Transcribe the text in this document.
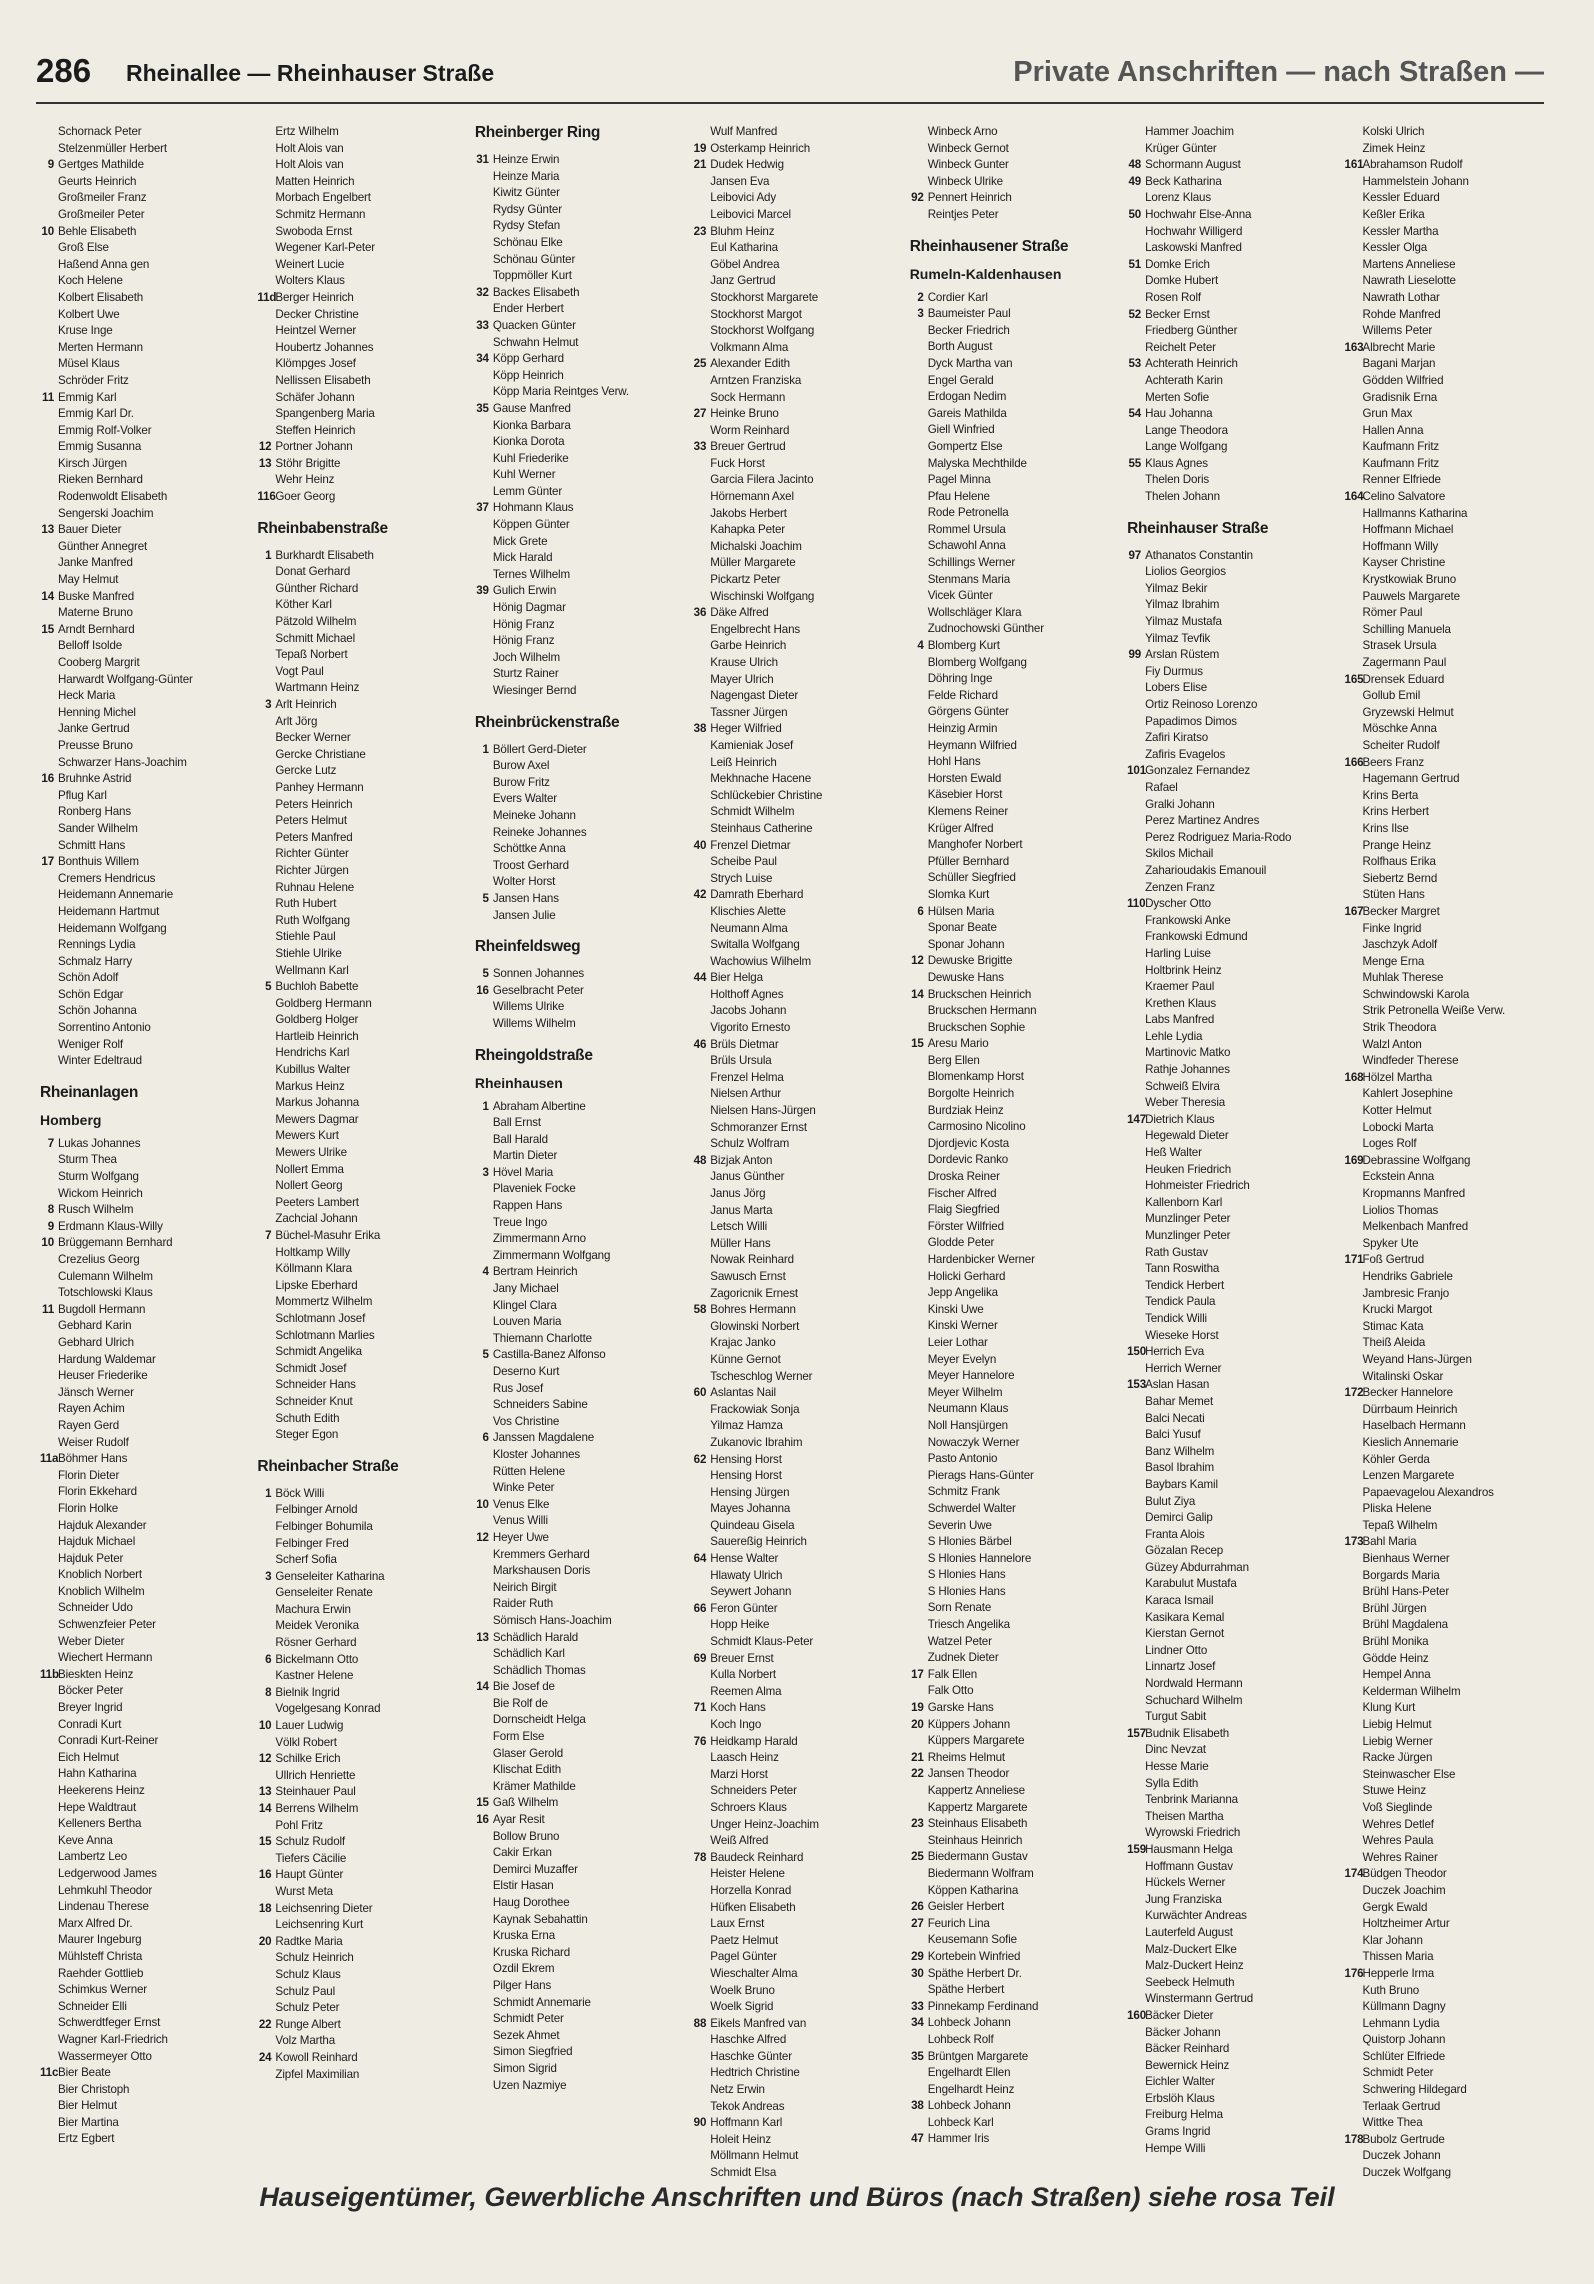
286 Rheinallee — Rheinhauser Straße	Private Anschriften — nach Straßen —
Schornack Peter
Stelzenmüller Herbert
9 Gertges Mathilde
Geurts Heinrich
Großmeiler Franz
Großmeiler Peter
10 Behle Elisabeth
Groß Else
Haßend Anna gen
Koch Helene
Kolbert Elisabeth
Kolbert Uwe
Kruse Inge
Merten Hermann
Müsel Klaus
Schröder Fritz
11 Emmig Karl
Emmig Karl Dr.
Emmig Rolf-Volker
Emmig Susanna
Kirsch Jürgen
Rieken Bernhard
Rodenwoldt Elisabeth
Sengerski Joachim
13 Bauer Dieter
Günther Annegret
Janke Manfred
May Helmut
14 Buske Manfred
Materne Bruno
15 Arndt Bernhard
Belloff Isolde
Cooberg Margrit
Harwardt Wolfgang-Günter
Heck Maria
Henning Michel
Janke Gertrud
Preusse Bruno
Schwarzer Hans-Joachim
16 Bruhnke Astrid
Pflug Karl
Ronberg Hans
Sander Wilhelm
Schmitt Hans
17 Bonthuis Willem
Cremers Hendricus
Heidemann Annemarie
Heidemann Hartmut
Heidemann Wolfgang
Rennings Lydia
Schmalz Harry
Schön Adolf
Schön Edgar
Schön Johanna
Sorrentino Antonio
Weniger Rolf
Winter Edeltraud
Rheinanlagen
Homberg
7 Lukas Johannes
Sturm Thea
Sturm Wolfgang
Wickom Heinrich
8 Rusch Wilhelm
9 Erdmann Klaus-Willy
10 Brüggemann Bernhard
Crezelius Georg
Culemann Wilhelm
Totschlowski Klaus
11 Bugdoll Hermann
Gebhard Karin
Gebhard Ulrich
Hardung Waldemar
Heuser Friederike
Jänsch Werner
Rayen Achim
Rayen Gerd
Weiser Rudolf
11aBöhmer Hans
Florin Dieter
Florin Ekkehard
Florin Holke
Hajduk Alexander
Hajduk Michael
Hajduk Peter
Knoblich Norbert
Knoblich Wilhelm
Schneider Udo
Schwenzfeier Peter
Weber Dieter
Wiechert Hermann
11bBieskten Heinz
Böcker Peter
Breyer Ingrid
Conradi Kurt
Conradi Kurt-Reiner
Eich Helmut
Hahn Katharina
Heekerens Heinz
Hepe Waldtraut
Kelleners Bertha
Keve Anna
Lambertz Leo
Ledgerwood James
Lehmkuhl Theodor
Lindenau Therese
Marx Alfred Dr.
Maurer Ingeburg
Mühlsteff Christa
Raehder Gottlieb
Schimkus Werner
Schneider Elli
Schwerdtfeger Ernst
Wagner Karl-Friedrich
Wassermeyer Otto
11cBier Beate
Bier Christoph
Bier Helmut
Bier Martina
Ertz Egbert
Ertz Wilhelm
Holt Alois van
Holt Alois van
Matten Heinrich
Morbach Engelbert
Schmitz Hermann
Swoboda Ernst
Wegener Karl-Peter
Weinert Lucie
Wolters Klaus
11dBerger Heinrich
Decker Christine
Heintzel Werner
Houbertz Johannes
Klömpges Josef
Nellissen Elisabeth
Schäfer Johann
Spangenberg Maria
Steffen Heinrich
12 Portner Johann
13 Stöhr Brigitte
Wehr Heinz
116Goer Georg
Rheinbabenstraße
1 Burkhardt Elisabeth
Donat Gerhard
Günther Richard
Köther Karl
Pätzold Wilhelm
Schmitt Michael
Tepaß Norbert
Vogt Paul
Wartmann Heinz
3 Arlt Heinrich
Arlt Jörg
Becker Werner
Gercke Christiane
Gercke Lutz
Panhey Hermann
Peters Heinrich
Peters Helmut
Peters Manfred
Richter Günter
Richter Jürgen
Ruhnau Helene
Ruth Hubert
Ruth Wolfgang
Stiehle Paul
Stiehle Ulrike
Wellmann Karl
5 Buchloh Babette
Goldberg Hermann
Goldberg Holger
Hartleib Heinrich
Hendrichs Karl
Kubillus Walter
Markus Heinz
Markus Johanna
Mewers Dagmar
Mewers Kurt
Mewers Ulrike
Nollert Emma
Nollert Georg
Peeters Lambert
Zachcial Johann
7 Büchel-Masuhr Erika
Holtkamp Willy
Köllmann Klara
Lipske Eberhard
Mommertz Wilhelm
Schlotmann Josef
Schlotmann Marlies
Schmidt Angelika
Schmidt Josef
Schneider Hans
Schneider Knut
Schuth Edith
Steger Egon
Rheinbacher Straße
1 Böck Willi
Felbinger Arnold
Felbinger Bohumila
Felbinger Fred
Scherf Sofia
3 Genseleiter Katharina
Genseleiter Renate
Machura Erwin
Meidek Veronika
Rösner Gerhard
6 Bickelmann Otto
Kastner Helene
8 Bielnik Ingrid
Vogelgesang Konrad
10 Lauer Ludwig
Völkl Robert
12 Schilke Erich
Ullrich Henriette
13 Steinhauer Paul
14 Berrens Wilhelm
Pohl Fritz
15 Schulz Rudolf
Tiefers Cäcilie
16 Haupt Günter
Wurst Meta
18 Leichsenring Dieter
Leichsenring Kurt
20 Radtke Maria
Schulz Heinrich
Schulz Klaus
Schulz Paul
Schulz Peter
22 Runge Albert
Volz Martha
24 Kowoll Reinhard
Zipfel Maximilian
Rheinberger Ring
31 Heinze Erwin
Heinze Maria
Kiwitz Günter
Rydsy Günter
Rydsy Stefan
Schönau Elke
Schönau Günter
Toppmöller Kurt
32 Backes Elisabeth
Ender Herbert
33 Quacken Günter
Schwahn Helmut
34 Köpp Gerhard
Köpp Heinrich
Köpp Maria Reintges Verw.
35 Gause Manfred
Kionka Barbara
Kionka Dorota
Kuhl Friederike
Kuhl Werner
Lemm Günter
37 Hohmann Klaus
Köppen Günter
Mick Grete
Mick Harald
Ternes Wilhelm
39 Gulich Erwin
Hönig Dagmar
Hönig Franz
Hönig Franz
Joch Wilhelm
Sturtz Rainer
Wiesinger Bernd
Rheinbrückenstraße
1 Böllert Gerd-Dieter
Burow Axel
Burow Fritz
Evers Walter
Meineke Johann
Reineke Johannes
Schöttke Anna
Troost Gerhard
Wolter Horst
5 Jansen Hans
Jansen Julie
Rheinfeldsweg
5 Sonnen Johannes
16 Geselbracht Peter
Willems Ulrike
Willems Wilhelm
Rheingoldstraße
Rheinhausen
1 Abraham Albertine
Ball Ernst
Ball Harald
Martin Dieter
3 Hövel Maria
Plaveniek Focke
Rappen Hans
Treue Ingo
Zimmermann Arno
Zimmermann Wolfgang
4 Bertram Heinrich
Jany Michael
Klingel Clara
Louven Maria
Thiemann Charlotte
5 Castilla-Banez Alfonso
Deserno Kurt
Rus Josef
Schneiders Sabine
Vos Christine
6 Janssen Magdalene
Kloster Johannes
Rütten Helene
Winke Peter
10 Venus Elke
Venus Willi
12 Heyer Uwe
Kremmers Gerhard
Markshausen Doris
Neirich Birgit
Raider Ruth
Sömisch Hans-Joachim
13 Schädlich Harald
Schädlich Karl
Schädlich Thomas
14 Bie Josef de
Bie Rolf de
Dornscheidt Helga
Form Else
Glaser Gerold
Klischat Edith
Krämer Mathilde
15 Gaß Wilhelm
16 Ayar Resit
Bollow Bruno
Cakir Erkan
Demirci Muzaffer
Elstir Hasan
Haug Dorothee
Kaynak Sebahattin
Kruska Erna
Kruska Richard
Ozdil Ekrem
Pilger Hans
Schmidt Annemarie
Schmidt Peter
Sezek Ahmet
Simon Siegfried
Simon Sigrid
Uzen Nazmiye
Wulf Manfred
19 Osterkamp Heinrich
21 Dudek Hedwig
Jansen Eva
Leibovici Ady
Leibovici Marcel
23 Bluhm Heinz
Eul Katharina
Göbel Andrea
Janz Gertrud
Stockhorst Margarete
Stockhorst Margot
Stockhorst Wolfgang
Volkmann Alma
25 Alexander Edith
Arntzen Franziska
Sock Hermann
27 Heinke Bruno
Worm Reinhard
33 Breuer Gertrud
Fuck Horst
Garcia Filera Jacinto
Hörnemann Axel
Jakobs Herbert
Kahapka Peter
Michalski Joachim
Müller Margarete
Pickartz Peter
Wischinski Wolfgang
36 Däke Alfred
Engelbrecht Hans
Garbe Heinrich
Krause Ulrich
Mayer Ulrich
Nagengast Dieter
Tassner Jürgen
38 Heger Wilfried
Kamieniak Josef
Leiß Heinrich
Mekhnache Hacene
Schlückebier Christine
Schmidt Wilhelm
Steinhaus Catherine
40 Frenzel Dietmar
Scheibe Paul
Strych Luise
42 Damrath Eberhard
Klischies Alette
Neumann Alma
Switalla Wolfgang
Wachowius Wilhelm
44 Bier Helga
Holthoff Agnes
Jacobs Johann
Vigorito Ernesto
46 Brüls Dietmar
Brüls Ursula
Frenzel Helma
Nielsen Arthur
Nielsen Hans-Jürgen
Schmoranzer Ernst
Schulz Wolfram
48 Bizjak Anton
Janus Günther
Janus Jörg
Janus Marta
Letsch Willi
Müller Hans
Nowak Reinhard
Sawusch Ernst
Zagoricnik Ernest
58 Bohres Hermann
Glowinski Norbert
Krajac Janko
Künne Gernot
Tscheschlog Werner
60 Aslantas Nail
Frackowiak Sonja
Yilmaz Hamza
Zukanovic Ibrahim
62 Hensing Horst
Hensing Horst
Hensing Jürgen
Mayes Johanna
Quindeau Gisela
Sauereßig Heinrich
64 Hense Walter
Hlawaty Ulrich
Seywert Johann
66 Feron Günter
Hopp Heike
Schmidt Klaus-Peter
69 Breuer Ernst
Kulla Norbert
Reemen Alma
71 Koch Hans
Koch Ingo
76 Heidkamp Harald
Laasch Heinz
Marzi Horst
Schneiders Peter
Schroers Klaus
Unger Heinz-Joachim
Weiß Alfred
78 Baudeck Reinhard
Heister Helene
Horzella Konrad
Hüfken Elisabeth
Laux Ernst
Paetz Helmut
Pagel Günter
Wieschalter Alma
Woelk Bruno
Woelk Sigrid
88 Eikels Manfred van
Haschke Alfred
Haschke Günter
Hedtrich Christine
Netz Erwin
Tekok Andreas
90 Hoffmann Karl
Holeit Heinz
Möllmann Helmut
Schmidt Elsa
Winbeck Arno
Winbeck Gernot
Winbeck Gunter
Winbeck Ulrike
92 Pennert Heinrich
Reintjes Peter
Rheinhausener Straße
Rumeln-Kaldenhausen
2 Cordier Karl
3 Baumeister Paul
Becker Friedrich
Borth August
Dyck Martha van
Engel Gerald
Erdogan Nedim
Gareis Mathilda
Giell Winfried
Gompertz Else
Malyska Mechthilde
Pagel Minna
Pfau Helene
Rode Petronella
Rommel Ursula
Schawohl Anna
Schillings Werner
Stenmans Maria
Vicek Günter
Wollschläger Klara
Zudnochowski Günther
4 Blomberg Kurt
Blomberg Wolfgang
Döhring Inge
Felde Richard
Görgens Günter
Heinzig Armin
Heymann Wilfried
Hohl Hans
Horsten Ewald
Käsebier Horst
Klemens Reiner
Krüger Alfred
Manghofer Norbert
Pfüller Bernhard
Schüller Siegfried
Slomka Kurt
6 Hülsen Maria
Sponar Beate
Sponar Johann
12 Dewuske Brigitte
Dewuske Hans
14 Bruckschen Heinrich
Bruckschen Hermann
Bruckschen Sophie
15 Aresu Mario
Berg Ellen
Blomenkamp Horst
Borgolte Heinrich
Burdziak Heinz
Carmosino Nicolino
Djordjevic Kosta
Dordevic Ranko
Droska Reiner
Fischer Alfred
Flaig Siegfried
Förster Wilfried
Glodde Peter
Hardenbicker Werner
Holicki Gerhard
Jepp Angelika
Kinski Uwe
Kinski Werner
Leier Lothar
Meyer Evelyn
Meyer Hannelore
Meyer Wilhelm
Neumann Klaus
Noll Hansjürgen
Nowaczyk Werner
Pasto Antonio
Pierags Hans-Günter
Schmitz Frank
Schwerdel Walter
Severin Uwe
S Hlonies Bärbel
S Hlonies Hannelore
S Hlonies Hans
S Hlonies Hans
Sorn Renate
Triesch Angelika
Watzel Peter
Zudnek Dieter
17 Falk Ellen
Falk Otto
19 Garske Hans
20 Küppers Johann
Küppers Margarete
21 Rheims Helmut
22 Jansen Theodor
Kappertz Anneliese
Kappertz Margarete
23 Steinhaus Elisabeth
Steinhaus Heinrich
25 Biedermann Gustav
Biedermann Wolfram
Köppen Katharina
26 Geisler Herbert
27 Feurich Lina
Keusemann Sofie
29 Kortebein Winfried
30 Späthe Herbert Dr.
Späthe Herbert
33 Pinnekamp Ferdinand
34 Lohbeck Johann
Lohbeck Rolf
35 Brüntgen Margarete
Engelhardt Ellen
Engelhardt Heinz
38 Lohbeck Johann
Lohbeck Karl
47 Hammer Iris
Hammer Joachim
Krüger Günter
48 Schormann August
49 Beck Katharina
Lorenz Klaus
50 Hochwahr Else-Anna
Hochwahr Willigerd
Laskowski Manfred
51 Domke Erich
Domke Hubert
Rosen Rolf
52 Becker Ernst
Friedberg Günther
Reichelt Peter
53 Achterath Heinrich
Achterath Karin
Merten Sofie
54 Hau Johanna
Lange Theodora
Lange Wolfgang
55 Klaus Agnes
Thelen Doris
Thelen Johann
Rheinhauser Straße
97 Athanatos Constantin
Liolios Georgios
Yilmaz Bekir
Yilmaz Ibrahim
Yilmaz Mustafa
Yilmaz Tevfik
99 Arslan Rüstem
Fiy Durmus
Lobers Elise
Ortiz Reinoso Lorenzo
Papadimos Dimos
Zafiri Kiratso
Zafiris Evagelos
101Gonzalez Fernandez
Rafael
Gralki Johann
Perez Martinez Andres
Perez Rodriguez Maria-Rodo
Skilos Michail
Zaharioudakis Emanouil
Zenzen Franz
110Dyscher Otto
Frankowski Anke
Frankowski Edmund
Harling Luise
Holtbrink Heinz
Kraemer Paul
Krethen Klaus
Labs Manfred
Lehle Lydia
Martinovic Matko
Rathje Johannes
Schweiß Elvira
Weber Theresia
147Dietrich Klaus
Hegewald Dieter
Heß Walter
Heuken Friedrich
Hohmeister Friedrich
Kallenborn Karl
Munzlinger Peter
Munzlinger Peter
Rath Gustav
Tann Roswitha
Tendick Herbert
Tendick Paula
Tendick Willi
Wieseke Horst
150Herrich Eva
Herrich Werner
153Aslan Hasan
Bahar Memet
Balci Necati
Balci Yusuf
Banz Wilhelm
Basol Ibrahim
Baybars Kamil
Bulut Ziya
Demirci Galip
Franta Alois
Gözalan Recep
Güzey Abdurrahman
Karabulut Mustafa
Karaca Ismail
Kasikara Kemal
Kierstan Gernot
Lindner Otto
Linnartz Josef
Nordwald Hermann
Schuchard Wilhelm
Turgut Sabit
157Budnik Elisabeth
Dinc Nevzat
Hesse Marie
Sylla Edith
Tenbrink Marianna
Theisen Martha
Wyrowski Friedrich
159Hausmann Helga
Hoffmann Gustav
Hückels Werner
Jung Franziska
Kurwächter Andreas
Lauterfeld August
Malz-Duckert Elke
Malz-Duckert Heinz
Seebeck Helmuth
Winstermann Gertrud
160Bäcker Dieter
Bäcker Johann
Bäcker Reinhard
Bewernick Heinz
Eichler Walter
Erbslöh Klaus
Freiburg Helma
Grams Ingrid
Hempe Willi
Kolski Ulrich
Zimek Heinz
161Abrahamson Rudolf
Hammelstein Johann
Kessler Eduard
Keßler Erika
Kessler Martha
Kessler Olga
Martens Anneliese
Nawrath Lieselotte
Nawrath Lothar
Rohde Manfred
Willems Peter
163Albrecht Marie
Bagani Marjan
Gödden Wilfried
Gradisnik Erna
Grun Max
Hallen Anna
Kaufmann Fritz
Kaufmann Fritz
Renner Elfriede
164Celino Salvatore
Hallmanns Katharina
Hoffmann Michael
Hoffmann Willy
Kayser Christine
Krystkowiak Bruno
Pauwels Margarete
Römer Paul
Schilling Manuela
Strasek Ursula
Zagermann Paul
165Drensek Eduard
Gollub Emil
Gryzewski Helmut
Möschke Anna
Scheiter Rudolf
166Beers Franz
Hagemann Gertrud
Krins Berta
Krins Herbert
Krins Ilse
Prange Heinz
Rolfhaus Erika
Siebertz Bernd
Stüten Hans
167Becker Margret
Finke Ingrid
Jaschzyk Adolf
Menge Erna
Muhlak Therese
Schwindowski Karola
Strik Petronella Weiße Verw.
Strik Theodora
Walzl Anton
Windfeder Therese
168Hölzel Martha
Kahlert Josephine
Kotter Helmut
Lobocki Marta
Loges Rolf
169Debrassine Wolfgang
Eckstein Anna
Kropmanns Manfred
Liolios Thomas
Melkenbach Manfred
Spyker Ute
171Foß Gertrud
Hendriks Gabriele
Jambresic Franjo
Krucki Margot
Stimac Kata
Theiß Aleida
Weyand Hans-Jürgen
Witalinski Oskar
172Becker Hannelore
Dürrbaum Heinrich
Haselbach Hermann
Kieslich Annemarie
Köhler Gerda
Lenzen Margarete
Papaevagelou Alexandros
Pliska Helene
Tepaß Wilhelm
173Bahl Maria
Bienhaus Werner
Borgards Maria
Brühl Hans-Peter
Brühl Jürgen
Brühl Magdalena
Brühl Monika
Gödde Heinz
Hempel Anna
Kelderman Wilhelm
Klung Kurt
Liebig Helmut
Liebig Werner
Racke Jürgen
Steinwascher Else
Stuwe Heinz
Voß Sieglinde
Wehres Detlef
Wehres Paula
Wehres Rainer
174Büdgen Theodor
Duczek Joachim
Gergk Ewald
Holtzheimer Artur
Klar Johann
Thissen Maria
176Hepperle Irma
Kuth Bruno
Küllmann Dagny
Lehmann Lydia
Quistorp Johann
Schlüter Elfriede
Schmidt Peter
Schwering Hildegard
Terlaak Gertrud
Wittke Thea
178Bubolz Gertrude
Duczek Johann
Duczek Wolfgang
Hauseigentümer, Gewerbliche Anschriften und Büros (nach Straßen) siehe rosa Teil
